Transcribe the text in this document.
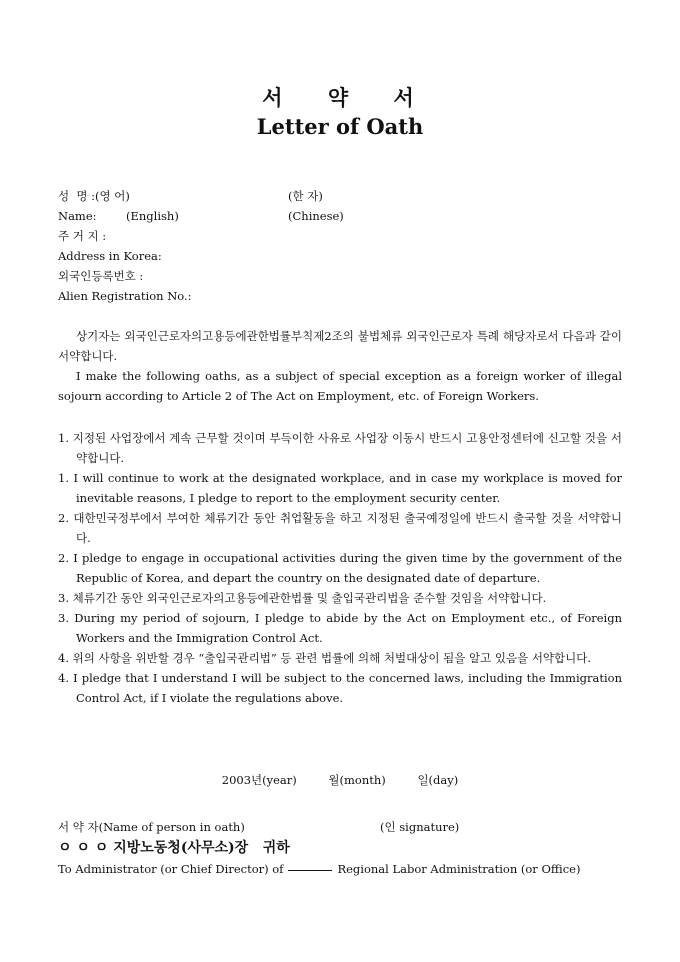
서 약 서
Letter of Oath
성  명 :(영 어)	(한 자)
Name:	(English)	(Chinese)
주 거 지 :
Address in Korea:
외국인등록번호 :
Alien Registration No.:
상기자는 외국인근로자의고용등에관한법률부칙제2조의 불법체류 외국인근로자 특례 해당자로서 다음과 같이 서약합니다.
I make the following oaths, as a subject of special exception as a foreign worker of illegal sojourn according to Article 2 of The Act on Employment, etc. of Foreign Workers.
1. 지정된 사업장에서 계속 근무할 것이며 부득이한 사유로 사업장 이동시 반드시 고용안정센터에 신고할 것을 서약합니다.
1. I will continue to work at the designated workplace, and in case my workplace is moved for inevitable reasons, I pledge to report to the employment security center.
2. 대한민국정부에서 부여한 체류기간 동안 취업활동을 하고 지정된 출국예정일에 반드시 출국할 것을 서약합니다.
2. I pledge to engage in occupational activities during the given time by the government of the Republic of Korea, and depart the country on the designated date of departure.
3. 체류기간 동안 외국인근로자의고용등에관한법률 및 출입국관리법을 준수할 것임을 서약합니다.
3. During my period of sojourn, I pledge to abide by the Act on Employment etc., of Foreign Workers and the Immigration Control Act.
4. 위의 사항을 위반할 경우 “출입국관리법” 등 관련 법률에 의해 처벌대상이 됨을 알고 있음을 서약합니다.
4. I pledge that I understand I will be subject to the concerned laws, including the Immigration Control Act, if I violate the regulations above.
2003년(year)	월(month)	일(day)
서 약 자(Name of person in oath)	(인 signature)
ㅇ ㅇ ㅇ 지방노동청(사무소)장   귀하
To Administrator (or Chief Director) of	Regional Labor Administration (or Office)
